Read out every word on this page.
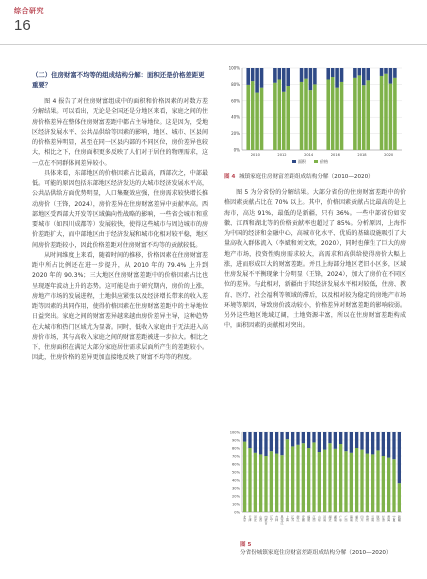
综合研究
16
（二）住房财富不均等的组成结构分解：面积还是价格差距更重要？

图 4 报告了对住房财富组成中的面积和价格因素的对数方差分解结果。可以看出，无论是全国还是分地区来看，家庭之间的住房价格差异在整体住房财富差距中都占主导地位。这是因为，受地区经济发展水平、公共品供给等因素的影响，地区、城市、区县间的价格差异明显，甚至在同一区县内部的不同区位，房价差异也较大，相比之下，住房面积更多反映了人们对于居住的物理需求，这一点在不同群体间差异较小。

具体来看，东部地区的价格因素占比最高，西部次之，中部最低。可能的原因包括东部地区经济发达的大城市经济发展水平高，公共品供给方面优势明显，人口集聚效应强，住房需求较快增长推动房价（王锋，2024），房价差异在住房财富差异中贡献率高。西部地区受西部大开发等区域偏向性战略的影响，一些省会城市和重要城市（如四川成都等）发展较快，使得这些城市与周边城市的房价差距扩大，而中部地区由于经济发展和城市化相对较平稳，地区间房价差距较小，因此价格差距对住房财富不均等的贡献较低。

从时间维度上来看，随着时间的推移，价格因素在住房财富差距中所占比例还在进一步提升，从 2010 年的 79.4% 上升到 2020 年的 90.3%；三大地区住房财富差距中的价格因素占比也呈现逐年波动上升的态势。这可能是由于研究期内，房价的上涨，房地产市场的发展进程，土地供应紧张以及经济增长带来的收入差距等因素的共同作用，使得价格因素在住房财富差距中的主导地位日益突出。家庭之间的财富差异越来越由房价差异主导，这种趋势在大城市和热门区域尤为显著。同时，低收入家庭由于无法进入高房价市场，其与高收入家庭之间的财富差距被进一步拉大。相比之下，住房面积在满足大部分家庭居住需求层面所产生的差距较小。因此，住房价格的差异更加直接地反映了财富不均等的程度。

0%
20%
40%
60%
80%
100%
2010	2012	2014	2016	2018	2020
面积	价格
图 4 城镇家庭住房财富差距组成结构分解（2010—2020）

图 5 为分省份的分解结果。大部分省份的住房财富差距中的价格因素贡献占比在 70% 以上。其中，价格因素贡献占比最高的是上海市，高达 91%，最低的是新疆，只有 36%。一些中部省份如安徽、江西和湖北等的价格贡献率也超过了 85%。分析原因，上海作为中国的经济和金融中心，高城市化水平、优质的基础设施吸引了大量高收入群体流入（李斌和刘文欢，2020），同时也催生了巨大的房地产市场，投资性购房需求较大，高需求和高供给使得房价大幅上涨，进而形成巨大的财富差距。并且上海部分地区老旧小区多，区域住房发展不平衡现象十分明显（王锋，2024），加大了房价在不同区位的差异。与此相对，新疆由于其经济发展水平相对较低，住房、教育、医疗、社会福利等领域的滞后，以及相对较为稳定的房地产市场环境等原因，导致房价波动较小，价格差异对财富差距的影响较弱。另外这些地区地域辽阔，土地资源丰富，所以在住房财富差距构成中，面积因素的贡献相对突出。

0%
10%
20%
30%
40%
50%
60%
70%
80%
90%
100%
北京 天津 河北 山西 内蒙古 辽宁 吉林 黑龙江 上海 江苏 浙江 安徽 福建 江西 山东 河南 湖北 湖南 广东 广西 海南 重庆 四川 贵州 云南 陕西 甘肃 青海 宁夏 新疆
图 5  分省份城镇家庭住房财富差距组成结构分解（2010—2020）
